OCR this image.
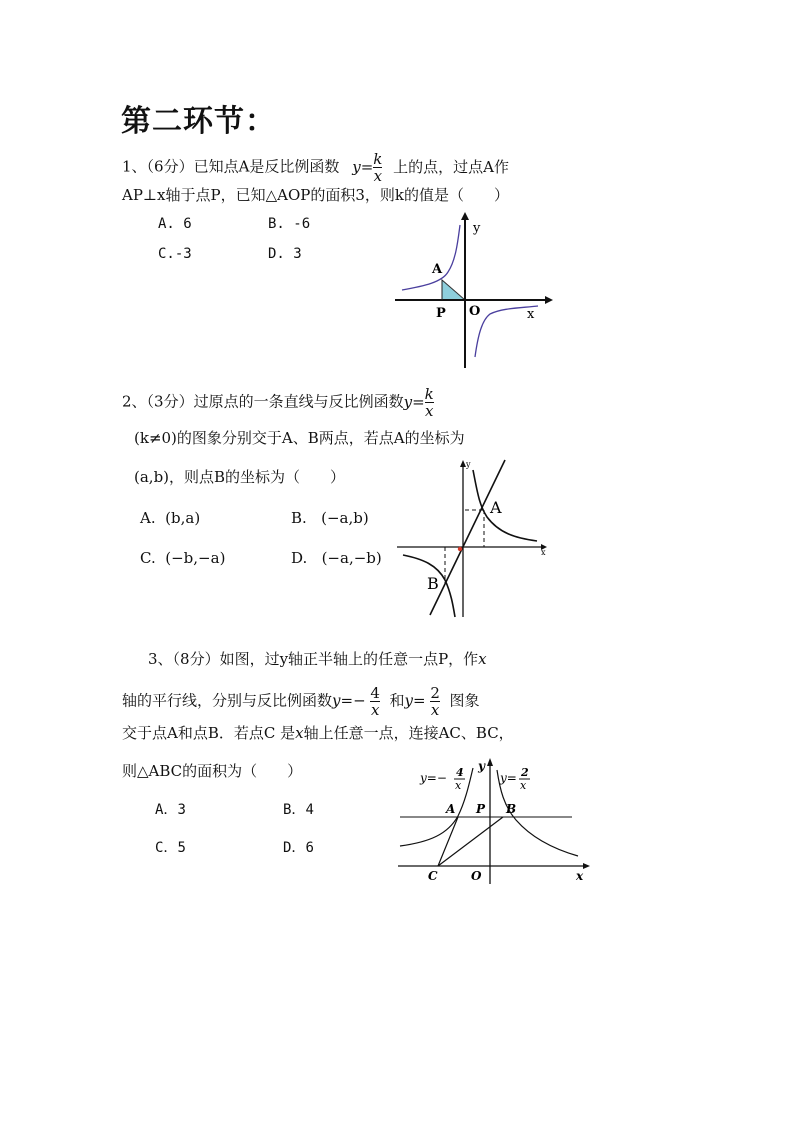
第二环节：
1、（6分）已知点A是反比例函数 $y= \frac{k}{x}$ 上的点，过点A作
AP⊥x轴于点P，已知△AOP的面积3，则k的值是（　　）
A. 6	B. -6
C.-3	D. 3
y
x
A
P O
2、（3分）过原点的一条直线与反比例函数$y= \frac{k}{x}$
(k≠0)的图象分别交于A、B两点，若点A的坐标为
(a,b)，则点B的坐标为（　　）
A. (b,a)	B. (−a,b)
C. (−b,−a)	D. (−a,−b)
A
B
y
x
3、（8分）如图，过y轴正半轴上的任意一点P，作x
轴的平行线，分别与反比例函数$y=- \frac{4}{x}$ 和$y= \frac{2}{x}$ 图象
交于点A和点B．若点C 是x轴上任意一点，连接AC、BC，
则△ABC的面积为（　　）
A．3	B．4
C．5	D．6
y=− 4
x
y= 2
x
y
x
A P B
C	O
